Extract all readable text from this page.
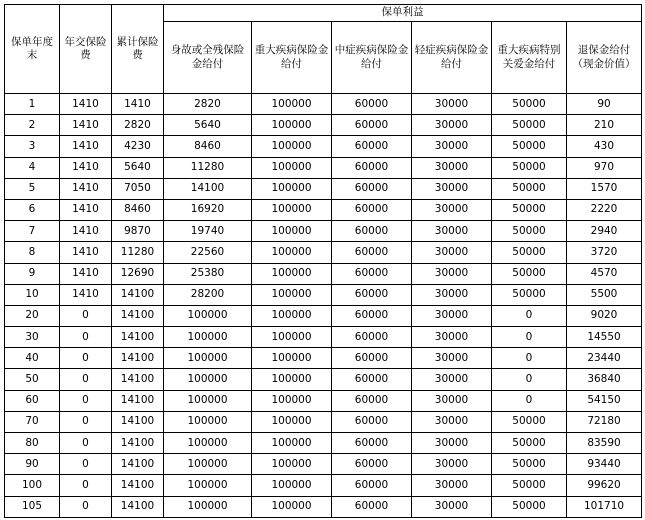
保单年度末	年交保险费	累计保险费	保单利益					
			身故或全残保险金给付	重大疾病保险金给付	中症疾病保险金给付	轻症疾病保险金给付	重大疾病特别关爱金给付	退保金给付（现金价值）
1	1410	1410	2820	100000	60000	30000	50000	90
2	1410	2820	5640	100000	60000	30000	50000	210
3	1410	4230	8460	100000	60000	30000	50000	430
4	1410	5640	11280	100000	60000	30000	50000	970
5	1410	7050	14100	100000	60000	30000	50000	1570
6	1410	8460	16920	100000	60000	30000	50000	2220
7	1410	9870	19740	100000	60000	30000	50000	2940
8	1410	11280	22560	100000	60000	30000	50000	3720
9	1410	12690	25380	100000	60000	30000	50000	4570
10	1410	14100	28200	100000	60000	30000	50000	5500
20	0	14100	100000	100000	60000	30000	0	9020
30	0	14100	100000	100000	60000	30000	0	14550
40	0	14100	100000	100000	60000	30000	0	23440
50	0	14100	100000	100000	60000	30000	0	36840
60	0	14100	100000	100000	60000	30000	0	54150
70	0	14100	100000	100000	60000	30000	50000	72180
80	0	14100	100000	100000	60000	30000	50000	83590
90	0	14100	100000	100000	60000	30000	50000	93440
100	0	14100	100000	100000	60000	30000	50000	99620
105	0	14100	100000	100000	60000	30000	50000	101710
